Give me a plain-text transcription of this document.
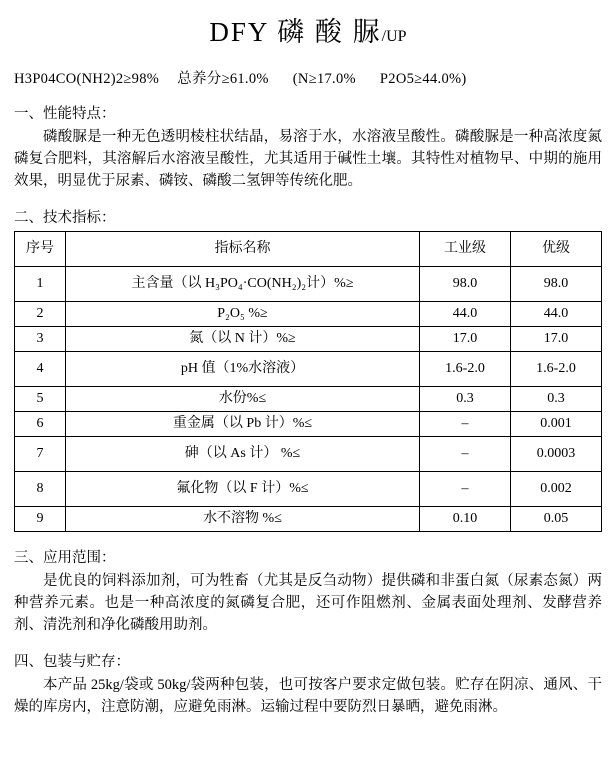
DFY 磷 酸 脲/UP
H3P04CO(NH2)2≥98% 总养分≥61.0% (N≥17.0% P2O5≥44.0%)
一、性能特点：

磷酸脲是一种无色透明棱柱状结晶，易溶于水，水溶液呈酸性。磷酸脲是一种高浓度氮磷复合肥料，其溶解后水溶液呈酸性，尤其适用于碱性土壤。其特性对植物早、中期的施用效果，明显优于尿素、磷铵、磷酸二氢钾等传统化肥。

二、技术指标：
序号	指标名称	工业级	优级
1	主含量（以 H₃PO₄·CO(NH₂)₂计）%≥	98.0	98.0
2	P₂O₅ %≥	44.0	44.0
3	氮（以 N 计）%≥	17.0	17.0
4	pH 值（1%水溶液）	1.6-2.0	1.6-2.0
5	水份%≤	0.3	0.3
6	重金属（以 Pb 计）%≤	–	0.001
7	砷（以 As 计） %≤	–	0.0003
8	氟化物（以 F 计）%≤	–	0.002
9	水不溶物 %≤	0.10	0.05
三、应用范围：

是优良的饲料添加剂，可为牲畜（尤其是反刍动物）提供磷和非蛋白氮（尿素态氮）两种营养元素。也是一种高浓度的氮磷复合肥，还可作阻燃剂、金属表面处理剂、发酵营养剂、清洗剂和净化磷酸用助剂。

四、包装与贮存：

本产品 25kg/袋或 50kg/袋两种包装，也可按客户要求定做包装。贮存在阴凉、通风、干燥的库房内，注意防潮，应避免雨淋。运输过程中要防烈日暴晒，避免雨淋。
